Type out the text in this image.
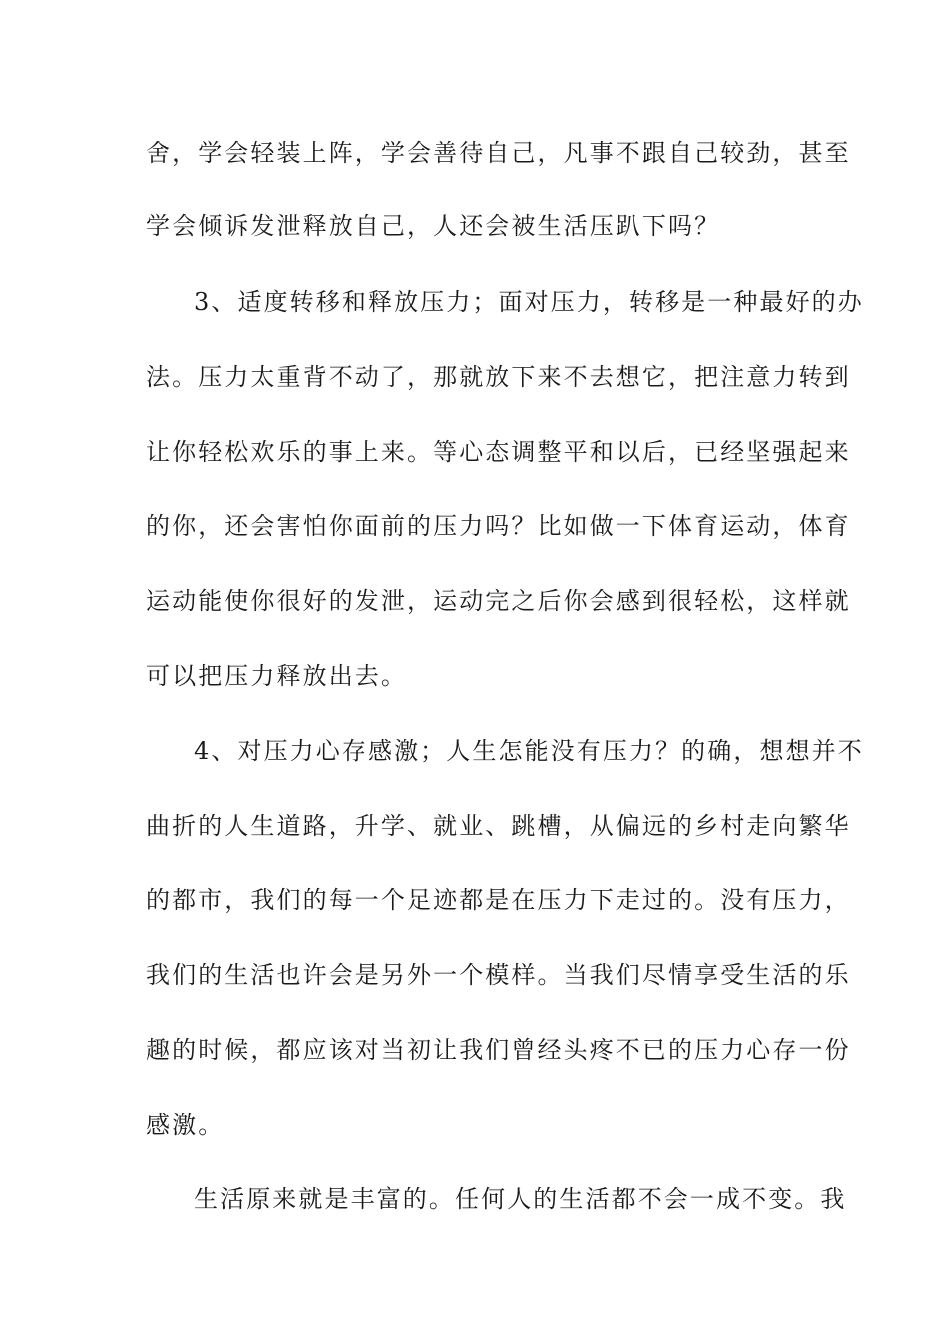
舍，学会轻装上阵，学会善待自己，凡事不跟自己较劲，甚至
学会倾诉发泄释放自己，人还会被生活压趴下吗？
3、适度转移和释放压力；面对压力，转移是一种最好的办
法。压力太重背不动了，那就放下来不去想它，把注意力转到
让你轻松欢乐的事上来。等心态调整平和以后，已经坚强起来
的你，还会害怕你面前的压力吗？比如做一下体育运动，体育
运动能使你很好的发泄，运动完之后你会感到很轻松，这样就
可以把压力释放出去。
4、对压力心存感激；人生怎能没有压力？的确，想想并不
曲折的人生道路，升学、就业、跳槽，从偏远的乡村走向繁华
的都市，我们的每一个足迹都是在压力下走过的。没有压力，
我们的生活也许会是另外一个模样。当我们尽情享受生活的乐
趣的时候，都应该对当初让我们曾经头疼不已的压力心存一份
感激。
生活原来就是丰富的。任何人的生活都不会一成不变。我
